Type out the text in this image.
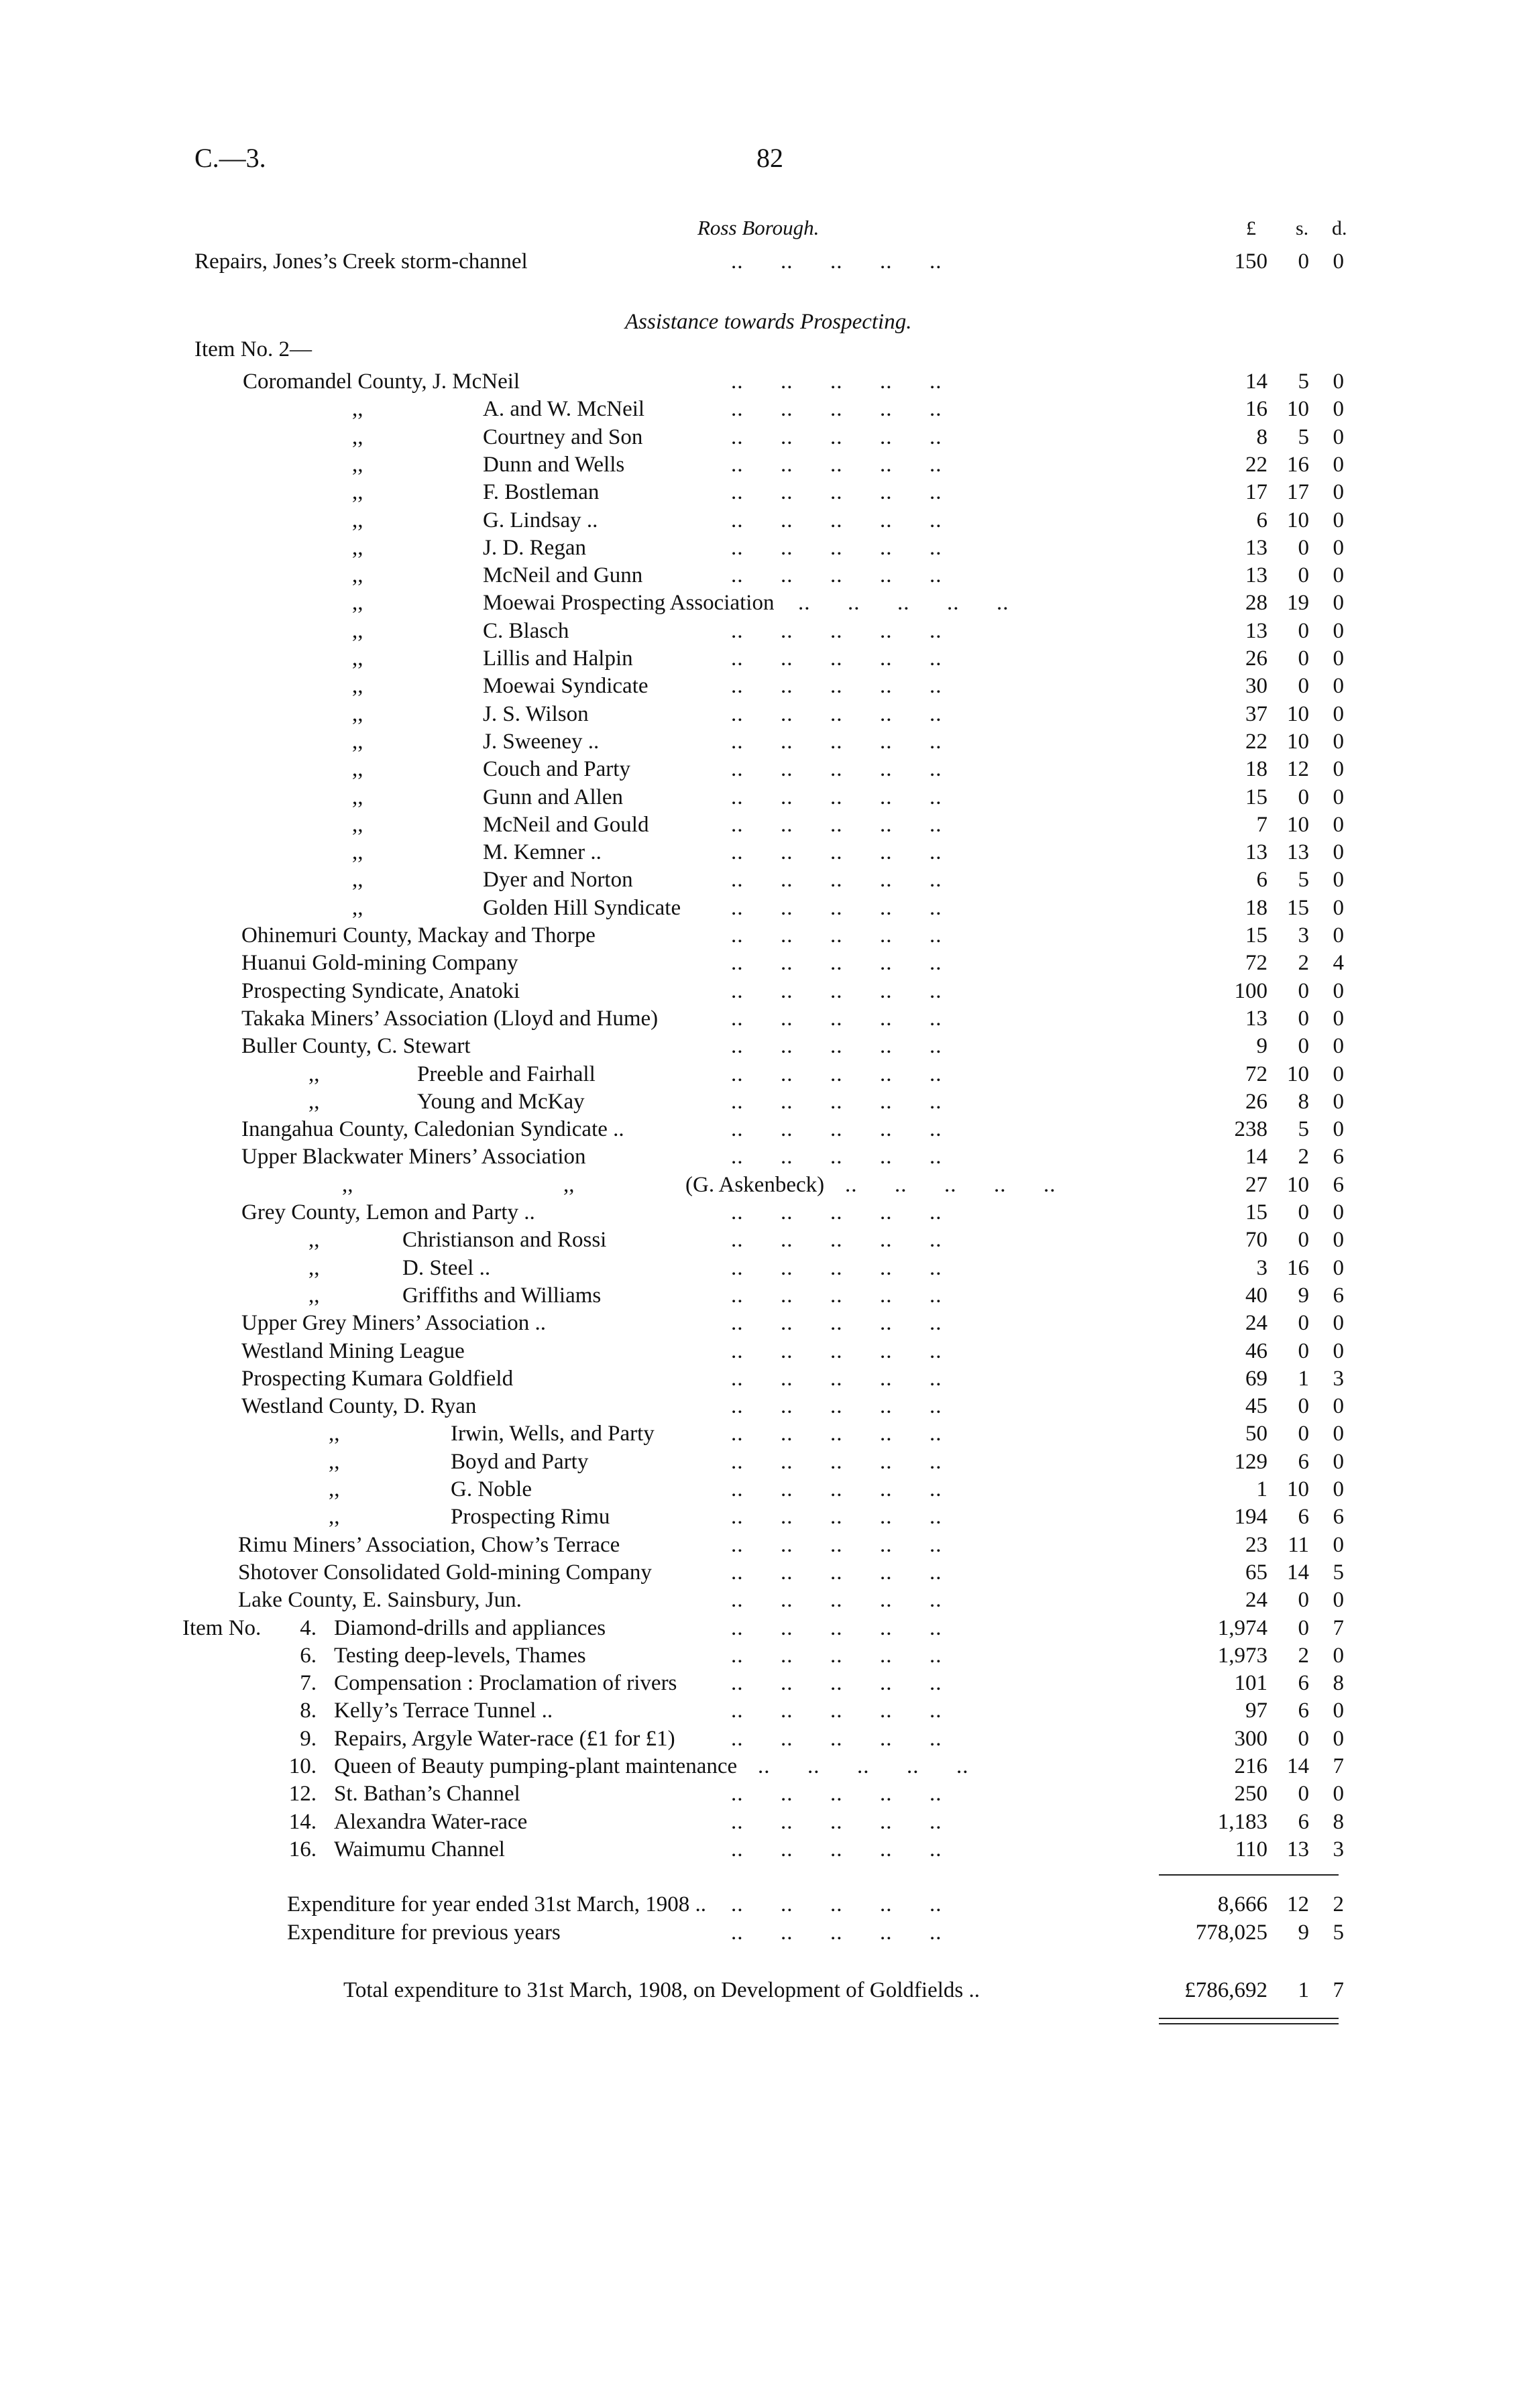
C.—3.	82
Ross Borough.	£ s. d.
Assistance towards Prospecting.
Item No. 2—
Repairs, Jones’s Creek storm-channel	..      ..      ..      ..      ..	150 0 0
Coromandel County, J. McNeil	..      ..      ..      ..      ..	14 5 0
,,	A. and W. McNeil	..      ..      ..      ..      ..	16 10 0
,,	Courtney and Son	..      ..      ..      ..      ..	8 5 0
,,	Dunn and Wells	..      ..      ..      ..      ..	22 16 0
,,	F. Bostleman	..      ..      ..      ..      ..	17 17 0
,,	G. Lindsay ..	..      ..      ..      ..      ..	6 10 0
,,	J. D. Regan	..      ..      ..      ..      ..	13 0 0
,,	McNeil and Gunn	..      ..      ..      ..      ..	13 0 0
,,	Moewai Prospecting Association ..      ..      ..      ..      ..	28 19 0
,,	C. Blasch	..      ..      ..      ..      ..	13 0 0
,,	Lillis and Halpin	..      ..      ..      ..      ..	26 0 0
,,	Moewai Syndicate	..      ..      ..      ..      ..	30 0 0
,,	J. S. Wilson	..      ..      ..      ..      ..	37 10 0
,,	J. Sweeney ..	..      ..      ..      ..      ..	22 10 0
,,	Couch and Party	..      ..      ..      ..      ..	18 12 0
,,	Gunn and Allen	..      ..      ..      ..      ..	15 0 0
,,	McNeil and Gould	..      ..      ..      ..      ..	7 10 0
,,	M. Kemner ..	..      ..      ..      ..      ..	13 13 0
,,	Dyer and Norton	..      ..      ..      ..      ..	6 5 0
,,	Golden Hill Syndicate ..      ..      ..      ..      ..	18 15 0
Ohinemuri County, Mackay and Thorpe	..      ..      ..      ..      ..	15 3 0
Huanui Gold-mining Company	..      ..      ..      ..      ..	72 2 4
Prospecting Syndicate, Anatoki	..      ..      ..      ..      ..	100 0 0
Takaka Miners’ Association (Lloyd and Hume)	..      ..      ..      ..      ..	13 0 0
Buller County, C. Stewart	..      ..      ..      ..      ..	9 0 0
,,	Preeble and Fairhall	..      ..      ..      ..      ..	72 10 0
,,	Young and McKay	..      ..      ..      ..      ..	26 8 0
Inangahua County, Caledonian Syndicate ..	..      ..      ..      ..      ..	238 5 0
Upper Blackwater Miners’ Association	..      ..      ..      ..      ..	14 2 6
,,	,,	(G. Askenbeck) ..      ..      ..      ..      ..	27 10 6
Grey County, Lemon and Party ..	..      ..      ..      ..      ..	15 0 0
,,	Christianson and Rossi	..      ..      ..      ..      ..	70 0 0
,,	D. Steel ..	..      ..      ..      ..      ..	3 16 0
,,	Griffiths and Williams	..      ..      ..      ..      ..	40 9 6
Upper Grey Miners’ Association ..	..      ..      ..      ..      ..	24 0 0
Westland Mining League	..      ..      ..      ..      ..	46 0 0
Prospecting Kumara Goldfield	..      ..      ..      ..      ..	69 1 3
Westland County, D. Ryan	..      ..      ..      ..      ..	45 0 0
,,	Irwin, Wells, and Party	..      ..      ..      ..      ..	50 0 0
,,	Boyd and Party	..      ..      ..      ..      ..	129 6 0
,,	G. Noble	..      ..      ..      ..      ..	1 10 0
,,	Prospecting Rimu	..      ..      ..      ..      ..	194 6 6
Rimu Miners’ Association, Chow’s Terrace	..      ..      ..      ..      ..	23 11 0
Shotover Consolidated Gold-mining Company	..      ..      ..      ..      ..	65 14 5
Lake County, E. Sainsbury, Jun.	..      ..      ..      ..      ..	24 0 0
Item No. 4. Diamond-drills and appliances	..      ..      ..      ..      ..	1,974 0 7
6. Testing deep-levels, Thames	..      ..      ..      ..      ..	1,973 2 0
7. Compensation : Proclamation of rivers ..      ..      ..      ..      ..	101 6 8
8. Kelly’s Terrace Tunnel ..	..      ..      ..      ..      ..	97 6 0
9. Repairs, Argyle Water-race (£1 for £1)	..      ..      ..      ..      ..	300 0 0
10. Queen of Beauty pumping-plant maintenance ..      ..      ..      ..      ..	216 14 7
12. St. Bathan’s Channel	..      ..      ..      ..      ..	250 0 0
14. Alexandra Water-race	..      ..      ..      ..      ..	1,183 6 8
16. Waimumu Channel	..      ..      ..      ..      ..	110 13 3
Expenditure for year ended 31st March, 1908 .. ..      ..      ..      ..      ..	8,666 12 2
Expenditure for previous years	..      ..      ..      ..      ..	778,025 9 5
Total expenditure to 31st March, 1908, on Development of Goldfields ..	£786,692 1 7
